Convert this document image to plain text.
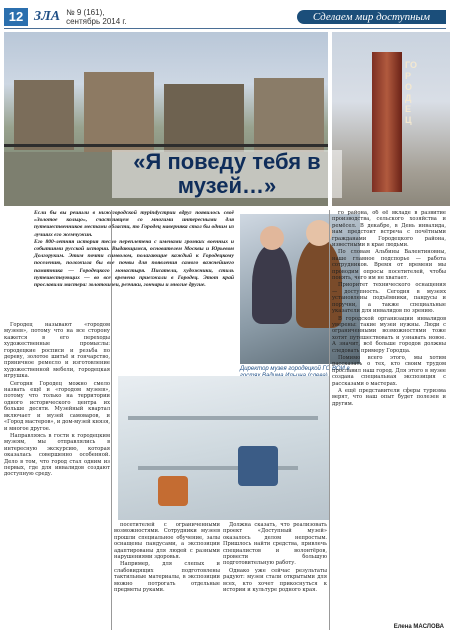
12 ЗЛА № 9 (161),
сентябрь 2014 г.	Сделаем мир доступным
ГОРОДЕЦ
«Я поведу тебя в музей…»
Если бы вы решили в нижегородской турindустрии вдруг появилось своё «Золотое кольцо», счастливцем со многими интересными для путешественников местами области, то Городец наверняка стал бы одним из лучших его жемчужин.
Его 800-летняя история тесно переплетена с именами громких военных и событиями русской истории. Выдающимся, основателем Москвы и Юрьевом Долгоруким. Этим почти символом, полагающие каждый к Городецкому поселению, положила бы все почвы для появления самого важнейшего памятника — Городецкого монастыря. Писатели, художники, стиль путешествующих — во все времена приезжали в Городец. Этот край прославили мастера: золотошвеи, резчики, гончары и многие другие.
Директор музея городецкой ГО ВОИ в

Городец называют «городом музеев», потому что на все сторону кажется в его переходы художественные промыслы: городецкие росписи и резьба по дереву, золотое шитьё и гончарство, пряничное ремесло и изготовление художественной мебели, городецкая игрушка.

Сегодня Городец можно смело назвать ещё и «городом музеев», потому что только на территории одного исторического центра их больше десяти. Музейный квартал включает и музей самоваров, и «Город мастеров», и дом-музей князя, и многое другое.

Направляясь в гости к городецким музеям, мы отправлялись в интересную экскурсию, которая оказалась совершенно особенной. Дело в том, что город стал одним из первых, где для инвалидов создают доступную среду.

посетителей с ограниченными возможностями. Сотрудники музеев прошли специальное обучение, залы оснащены пандусами, а экспозиции адаптированы для людей с разными нарушениями здоровья.

Например, для слепых и слабовидящих подготовлены тактильные материалы, в экспозиции можно потрогать отдельные предметы руками.

Должна сказать, что реализовать проект «Доступный музей» оказалось делом непростым. Пришлось найти средства, привлечь специалистов и волонтёров, провести большую подготовительную работу.

Однако уже сейчас результаты радуют: музеи стали открытыми для всех, кто хочет прикоснуться к истории и культуре родного края.

го района, об её вкладе в развитие производства, сельского хозяйства и ремёсел. В декабре, в День инвалида, нам предстоит встреча с почётными гражданами Городецкого района, известными в крае людьми.

По словам Альбины Валентиновны, наше главное подспорье — работа сотрудников. Время от времени мы проводим опросы посетителей, чтобы понять, чего им не хватает.

Приоритет технического оснащения — доступность. Сегодня в музеях установлены подъёмники, пандусы и поручни, а также специальные указатели для инвалидов по зрению.

В городской организации инвалидов уверены: такие музеи нужны. Люди с ограниченными возможностями тоже хотят путешествовать и узнавать новое. А значит, всё больше городов должны следовать примеру Городца.

Помимо всего этого, мы хотим рассказать о тех, кто своим трудом прославил наш город. Для этого в музее создана специальная экспозиция с рассказами о мастерах.

А ещё представители сферы туризма верят, что наш опыт будет полезен и другим.

Елена МАСЛОВА
